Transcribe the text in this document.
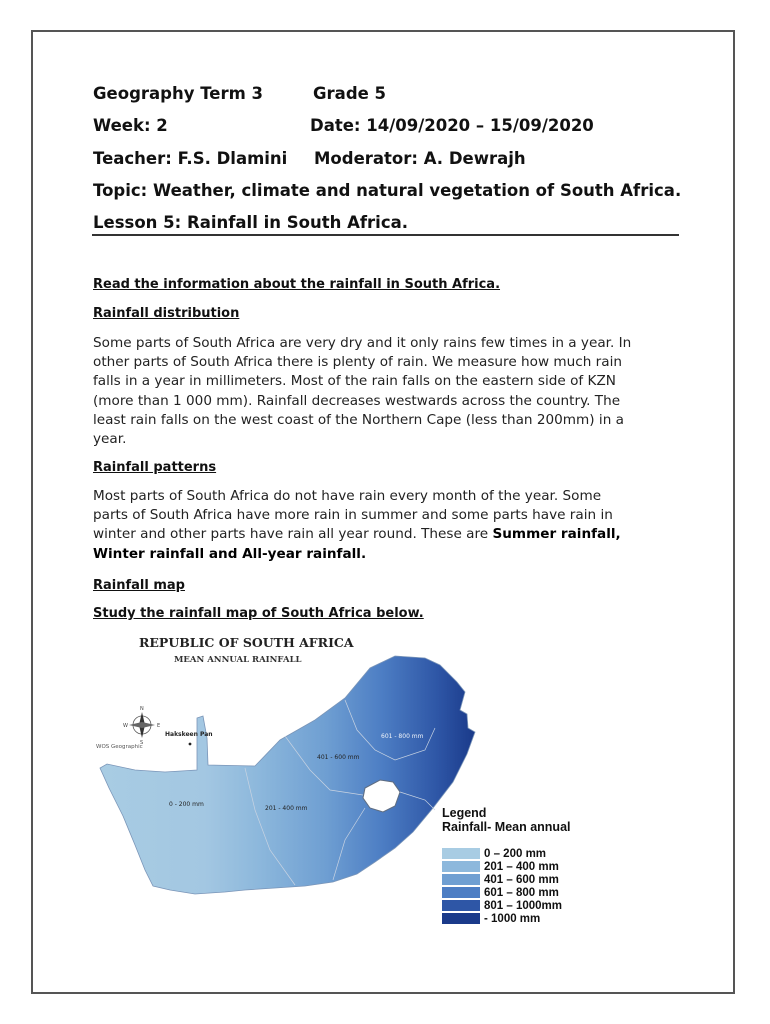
Geography Term 3	Grade 5
Week: 2	Date: 14/09/2020 – 15/09/2020
Teacher: F.S. Dlamini Moderator: A. Dewrajh
Topic: Weather, climate and natural vegetation of South Africa.
Lesson 5: Rainfall in South Africa.
Read the information about the rainfall in South Africa.
Rainfall distribution
Some parts of South Africa are very dry and it only rains few times in a year. In
other parts of South Africa there is plenty of rain. We measure how much rain
falls in a year in millimeters. Most of the rain falls on the eastern side of KZN
(more than 1 000 mm). Rainfall decreases westwards across the country. The
least rain falls on the west coast of the Northern Cape (less than 200mm) in a
year.
Rainfall patterns
Most parts of South Africa do not have rain every month of the year. Some
parts of South Africa have more rain in summer and some parts have rain in
winter and other parts have rain all year round. These are Summer rainfall,
Winter rainfall and All-year rainfall.
Rainfall map
Study the rainfall map of South Africa below.
REPUBLIC OF SOUTH AFRICA
MEAN ANNUAL RAINFALL
N
S
E
W
WOS Geographic
Hakskeen Pan
0 - 200 mm
201 - 400 mm
401 - 600 mm
601 - 800 mm
Legend
Rainfall- Mean annual
0 – 200 mm
201 – 400 mm
401 – 600 mm
601 – 800 mm
801 – 1000mm
- 1000 mm
